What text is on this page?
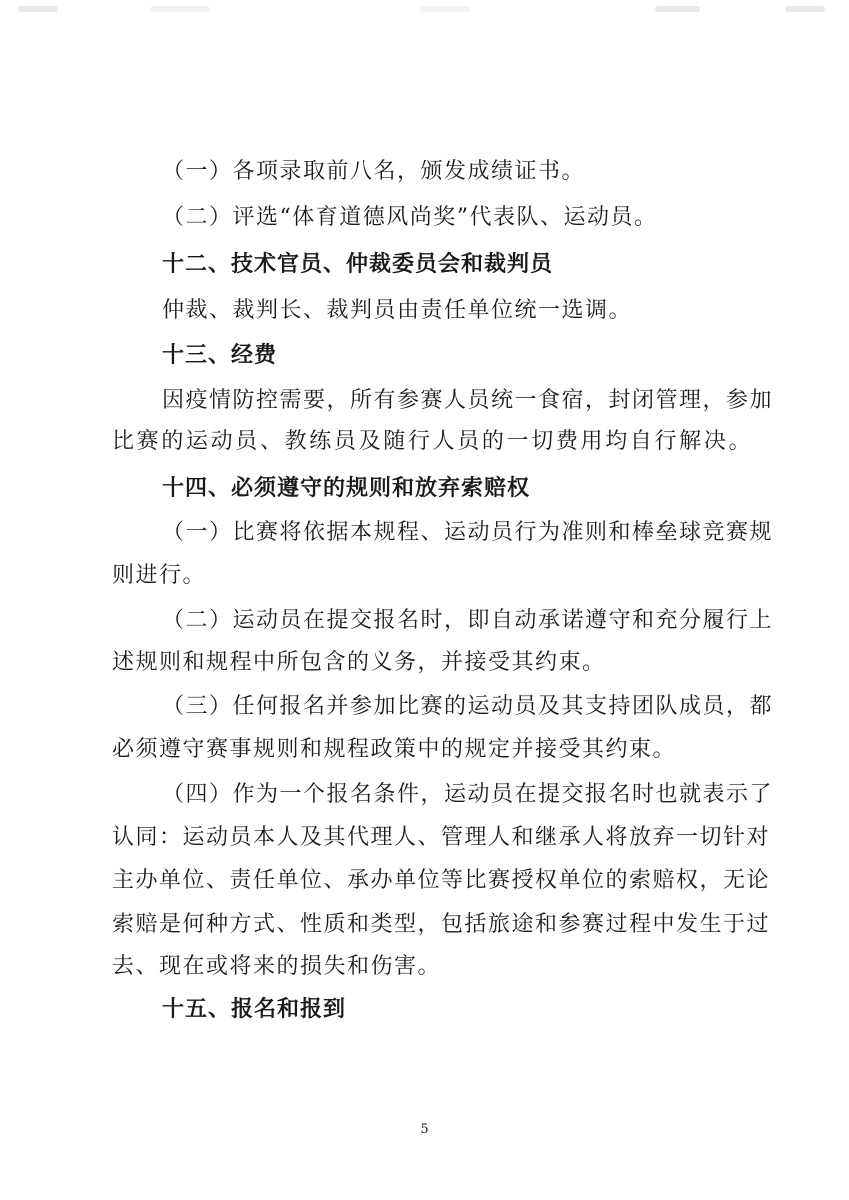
（一）各项录取前八名，颁发成绩证书。
（二）评选“体育道德风尚奖”代表队、运动员。
十二、技术官员、仲裁委员会和裁判员
仲裁、裁判长、裁判员由责任单位统一选调。
十三、经费
因疫情防控需要，所有参赛人员统一食宿，封闭管理，参加
比赛的运动员、教练员及随行人员的一切费用均自行解决。
十四、必须遵守的规则和放弃索赔权
（一）比赛将依据本规程、运动员行为准则和棒垒球竞赛规
则进行。
（二）运动员在提交报名时，即自动承诺遵守和充分履行上
述规则和规程中所包含的义务，并接受其约束。
（三）任何报名并参加比赛的运动员及其支持团队成员，都
必须遵守赛事规则和规程政策中的规定并接受其约束。
（四）作为一个报名条件，运动员在提交报名时也就表示了
认同：运动员本人及其代理人、管理人和继承人将放弃一切针对
主办单位、责任单位、承办单位等比赛授权单位的索赔权，无论
索赔是何种方式、性质和类型，包括旅途和参赛过程中发生于过
去、现在或将来的损失和伤害。
十五、报名和报到
5
